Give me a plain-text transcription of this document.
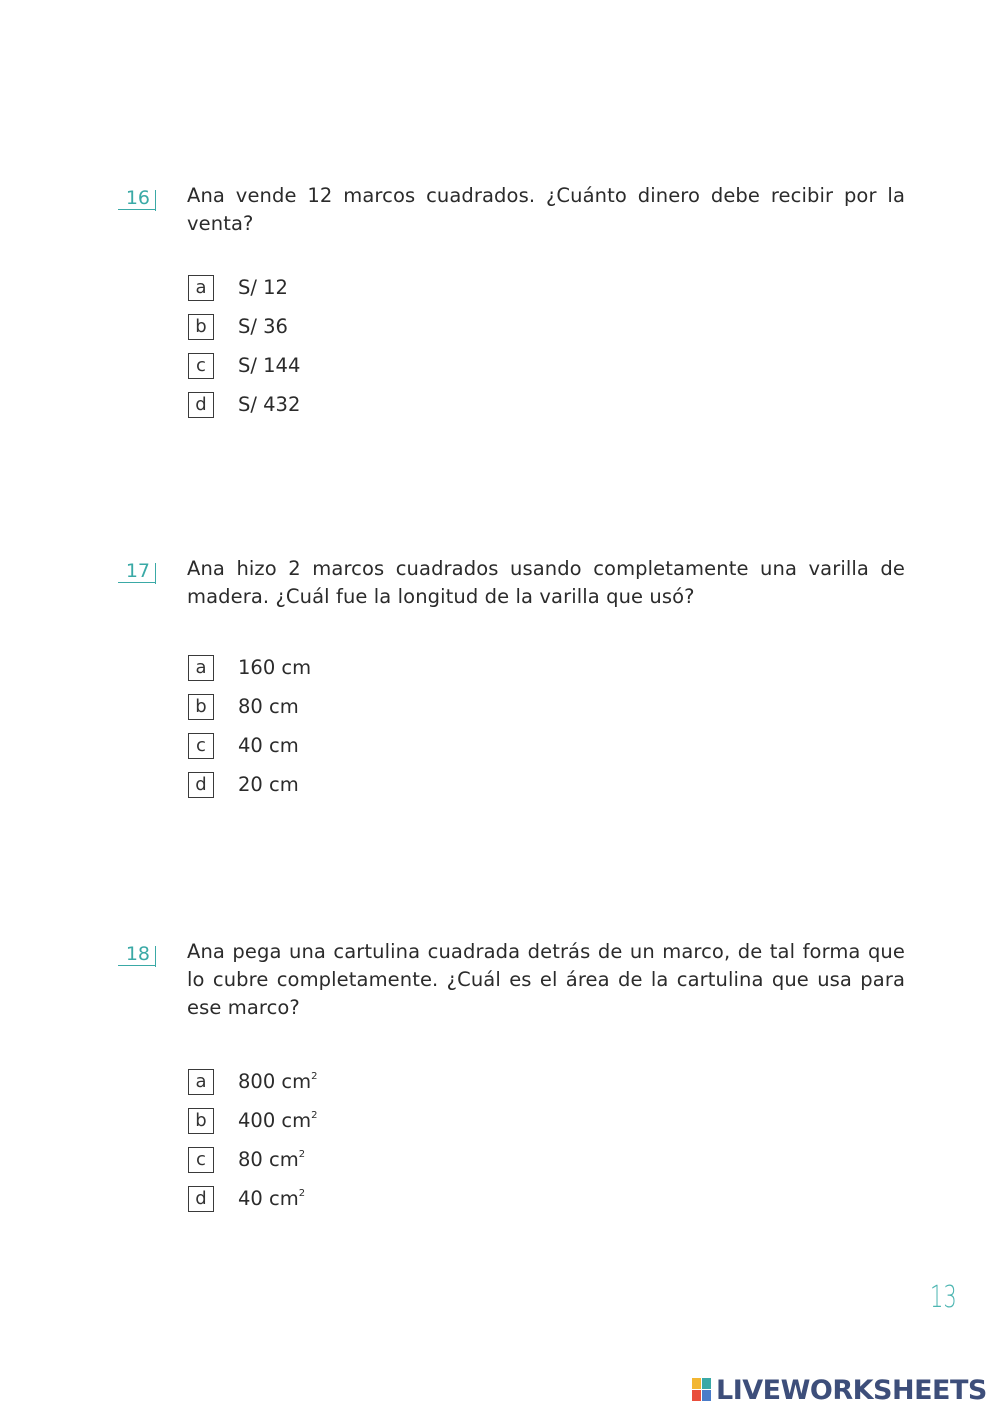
16	Ana vende 12 marcos cuadrados. ¿Cuánto dinero debe recibir por la venta?
a	S/ 12
b	S/ 36
c	S/ 144
d	S/ 432
17	Ana hizo 2 marcos cuadrados usando completamente una varilla de madera. ¿Cuál fue la longitud de la varilla que usó?
a	160 cm
b	80 cm
c	40 cm
d	20 cm
18	Ana pega una cartulina cuadrada detrás de un marco, de tal forma que lo cubre completamente. ¿Cuál es el área de la cartulina que usa para ese marco?
a	800 $cm^2$
b	400 $cm^2$
c	80 $cm^2$
d	40 $cm^2$
13
LIVEWORKSHEETS
